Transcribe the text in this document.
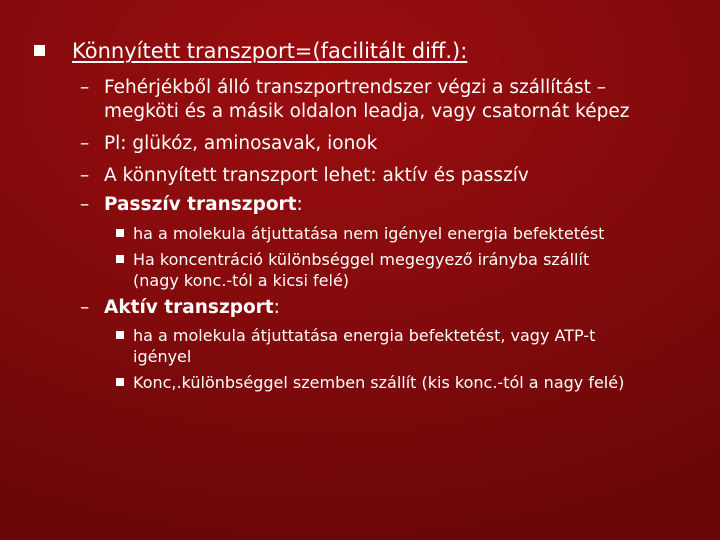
Könnyített transzport=(facilitált diff.):
– Fehérjékből álló transzportrendszer végzi a szállítást –
megköti és a másik oldalon leadja, vagy csatornát képez
– Pl: glükóz, aminosavak, ionok
– A könnyített transzport lehet: aktív és passzív
– Passzív transzport:
ha a molekula átjuttatása nem igényel energia befektetést
Ha koncentráció különbséggel megegyező irányba szállít
(nagy konc.-tól a kicsi felé)
– Aktív transzport:
ha a molekula átjuttatása energia befektetést, vagy ATP-t
igényel
Konc,.különbséggel szemben szállít (kis konc.-tól a nagy felé)
